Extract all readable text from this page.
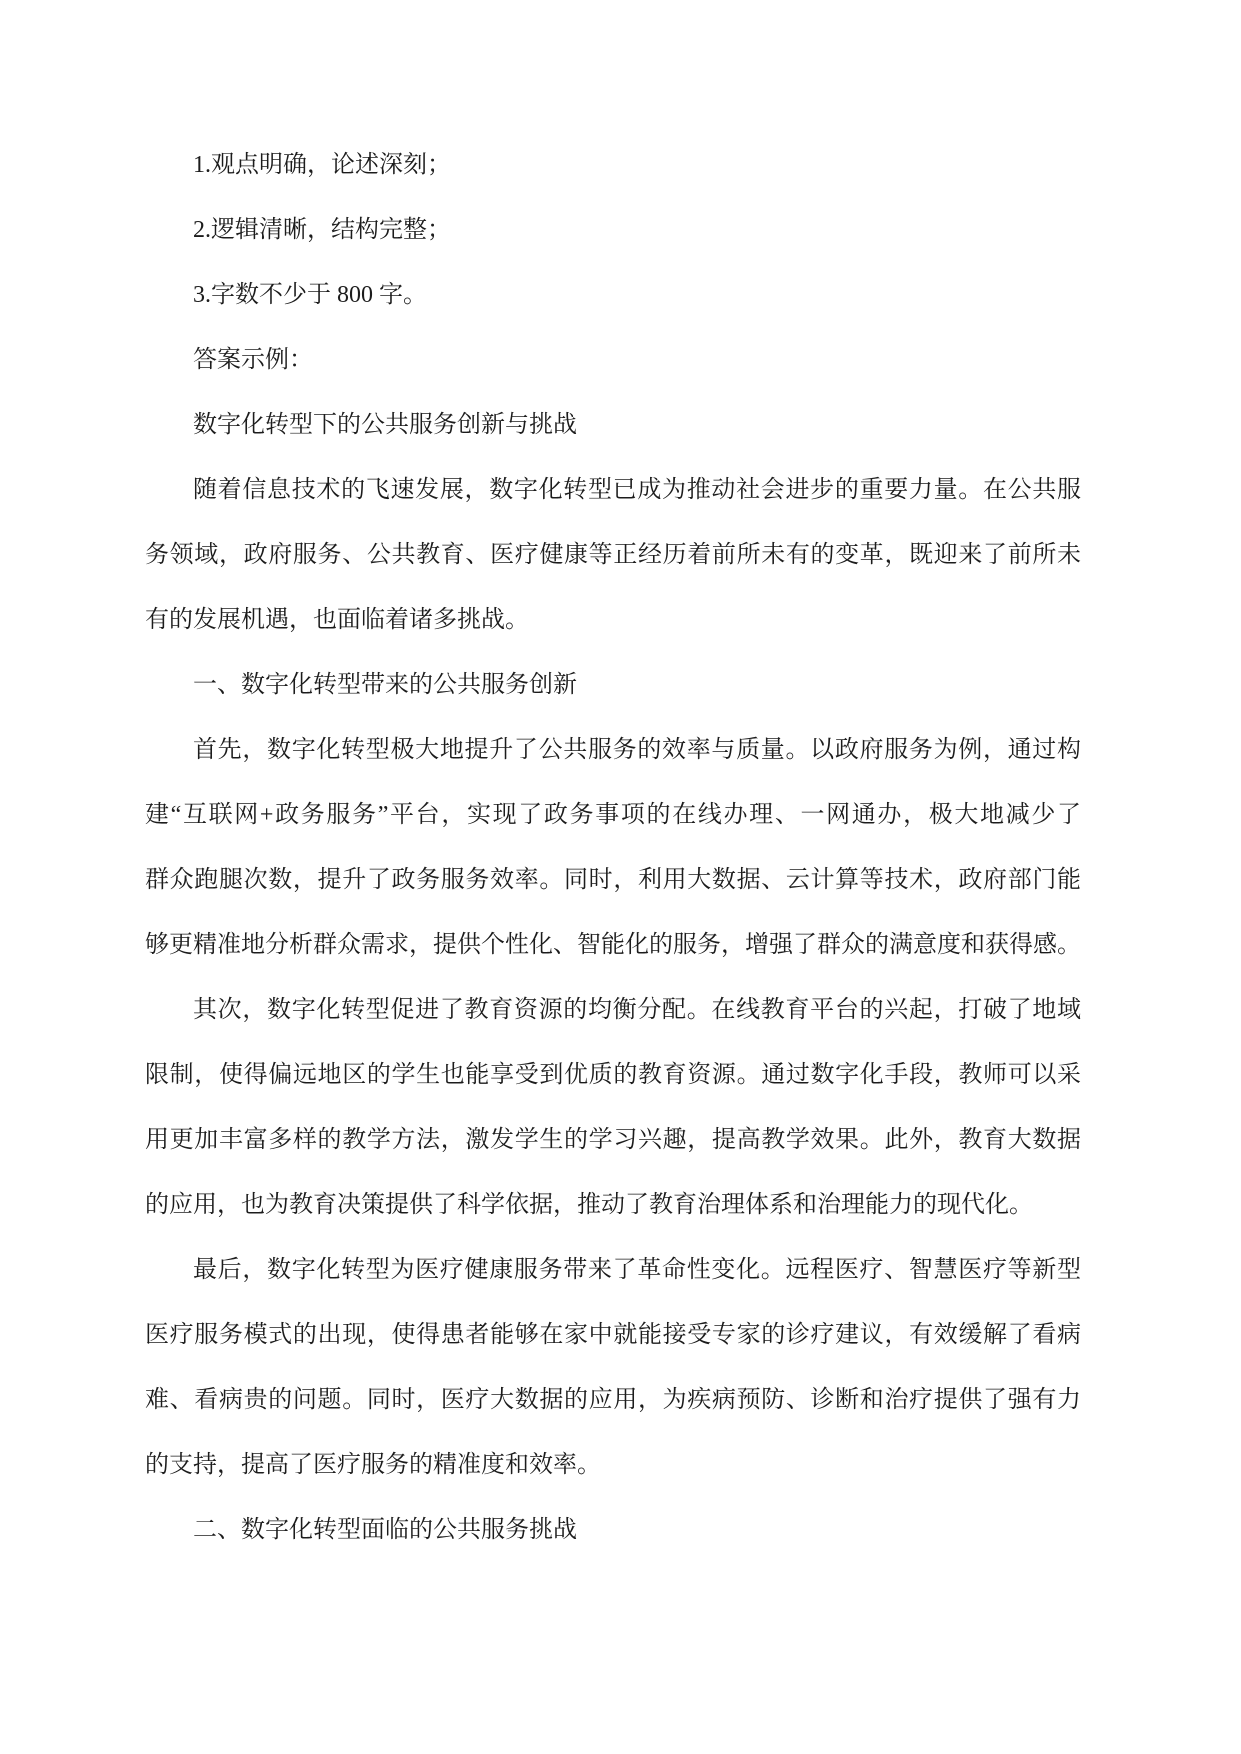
1.观点明确，论述深刻；
2.逻辑清晰，结构完整；
3.字数不少于 800 字。
答案示例：
数字化转型下的公共服务创新与挑战
随着信息技术的飞速发展，数字化转型已成为推动社会进步的重要力量。在公共服
务领域，政府服务、公共教育、医疗健康等正经历着前所未有的变革，既迎来了前所未
有的发展机遇，也面临着诸多挑战。
一、数字化转型带来的公共服务创新
首先，数字化转型极大地提升了公共服务的效率与质量。以政府服务为例，通过构
建“互联网+政务服务”平台，实现了政务事项的在线办理、一网通办，极大地减少了
群众跑腿次数，提升了政务服务效率。同时，利用大数据、云计算等技术，政府部门能
够更精准地分析群众需求，提供个性化、智能化的服务，增强了群众的满意度和获得感。
其次，数字化转型促进了教育资源的均衡分配。在线教育平台的兴起，打破了地域
限制，使得偏远地区的学生也能享受到优质的教育资源。通过数字化手段，教师可以采
用更加丰富多样的教学方法，激发学生的学习兴趣，提高教学效果。此外，教育大数据
的应用，也为教育决策提供了科学依据，推动了教育治理体系和治理能力的现代化。
最后，数字化转型为医疗健康服务带来了革命性变化。远程医疗、智慧医疗等新型
医疗服务模式的出现，使得患者能够在家中就能接受专家的诊疗建议，有效缓解了看病
难、看病贵的问题。同时，医疗大数据的应用，为疾病预防、诊断和治疗提供了强有力
的支持，提高了医疗服务的精准度和效率。
二、数字化转型面临的公共服务挑战
